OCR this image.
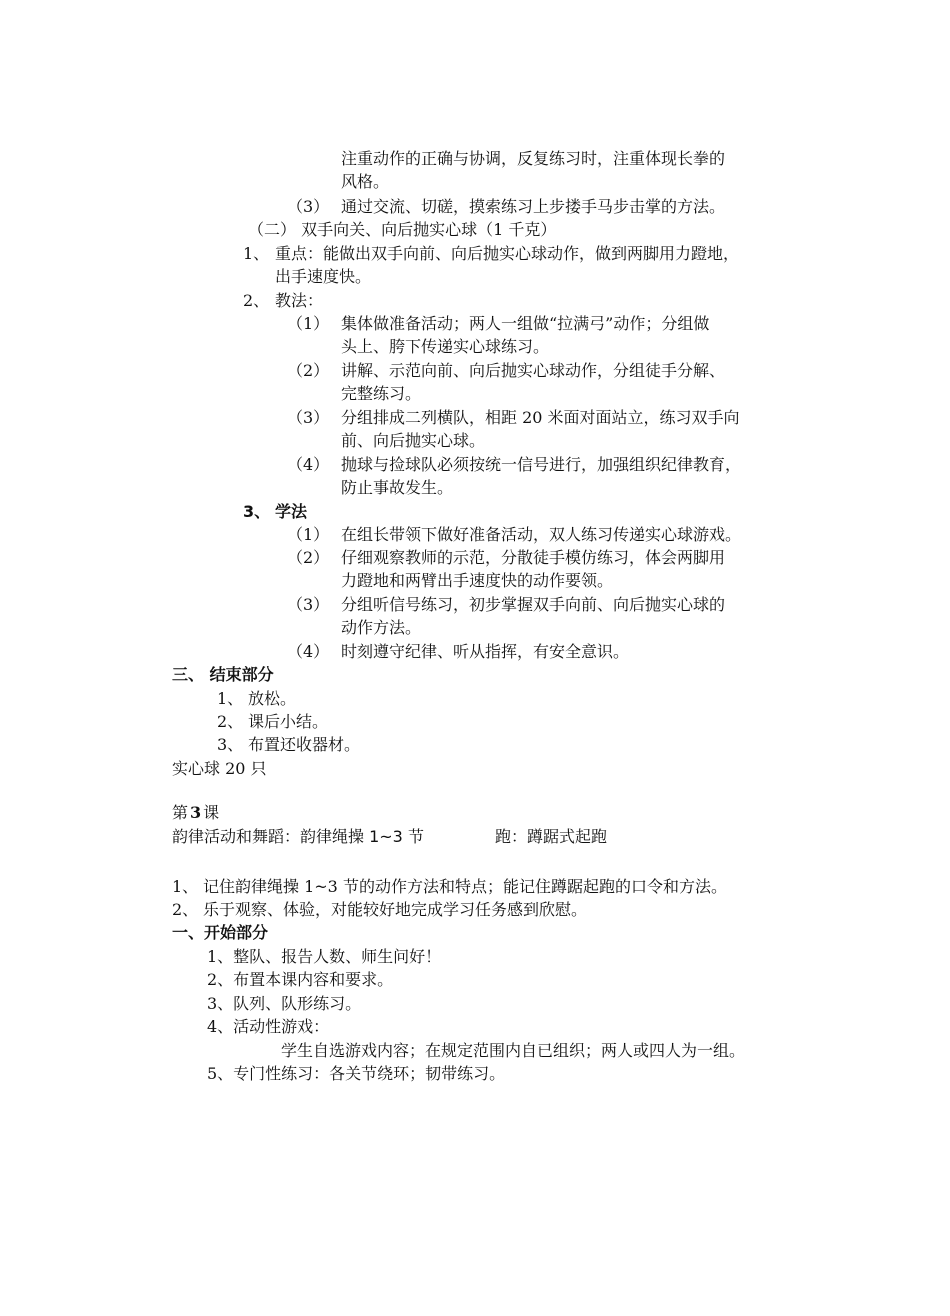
注重动作的正确与协调，反复练习时，注重体现长拳的
风格。
（3） 通过交流、切磋，摸索练习上步搂手马步击掌的方法。
（二） 双手向关、向后抛实心球（1 千克）
1、 重点：能做出双手向前、向后抛实心球动作，做到两脚用力蹬地，
出手速度快。
2、 教法：
（1） 集体做准备活动；两人一组做“拉满弓”动作；分组做
头上、胯下传递实心球练习。
（2） 讲解、示范向前、向后抛实心球动作，分组徒手分解、
完整练习。
（3） 分组排成二列横队，相距 20 米面对面站立，练习双手向
前、向后抛实心球。
（4） 抛球与捡球队必须按统一信号进行，加强组织纪律教育，
防止事故发生。
3、 学法
（1） 在组长带领下做好准备活动，双人练习传递实心球游戏。
（2） 仔细观察教师的示范，分散徒手模仿练习，体会两脚用
力蹬地和两臂出手速度快的动作要领。
（3） 分组听信号练习，初步掌握双手向前、向后抛实心球的
动作方法。
（4） 时刻遵守纪律、听从指挥，有安全意识。
三、 结束部分
1、 放松。
2、 课后小结。
3、 布置还收器材。
实心球 20 只
第 3 课
韵律活动和舞蹈：韵律绳操 1~3 节	跑：蹲踞式起跑
1、 记住韵律绳操 1~3 节的动作方法和特点；能记住蹲踞起跑的口令和方法。
2、 乐于观察、体验，对能较好地完成学习任务感到欣慰。
一、开始部分
1、整队、报告人数、师生问好！
2、布置本课内容和要求。
3、队列、队形练习。
4、活动性游戏：
学生自选游戏内容；在规定范围内自已组织；两人或四人为一组。
5、专门性练习：各关节绕环；韧带练习。
